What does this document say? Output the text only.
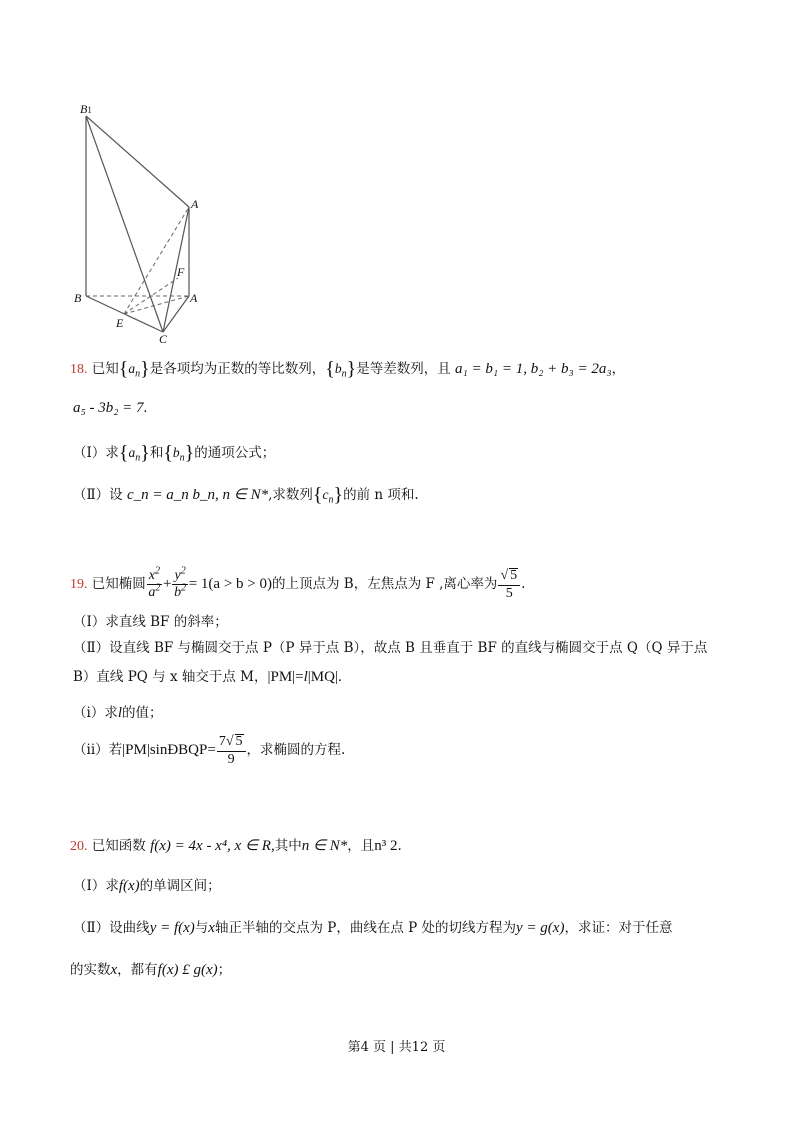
B1
A
B	A
F
E
C
18. 已知$\{a_n\}$是各项均为正数的等比数列，$\{b_n\}$是等差数列，且 a₁ = b₁ = 1, b₂ + b₃ = 2a₃，
a₅ - 3b₂ = 7.
（Ⅰ）求$\{a_n\}$和$\{b_n\}$的通项公式；
（Ⅱ）设 c_n = a_n b_n, n ∈ N*,求数列$\{c_n\}$的前 n 项和.
19. 已知椭圆 $\frac{x^2}{a^2} + \frac{y^2}{b^2} = 1(a > b > 0)$的上顶点为 B，左焦点为 F ,离心率为 $\frac{√ 5}{5}$ .
（Ⅰ）求直线 BF 的斜率；
（Ⅱ）设直线 BF 与椭圆交于点 P（P 异于点 B），故点 B 且垂直于 BF 的直线与椭圆交于点 Q（Q 异于点
B）直线 PQ 与 x 轴交于点 M，|PM|=l|MQ|.
（i）求l的值；
（ii）若|PM|sinÐBQP= $\frac{7√ 5}{9}$ ，求椭圆的方程.
20. 已知函数 f(x) = 4x - x⁴, x ∈ R,其中n ∈ N*，且n³ 2.
（Ⅰ）求f(x)的单调区间；
（Ⅱ）设曲线y = f(x)与x轴正半轴的交点为 P，曲线在点 P 处的切线方程为y = g(x)，求证：对于任意
的实数x，都有f(x) £ g(x)；
第4 页 | 共12 页
